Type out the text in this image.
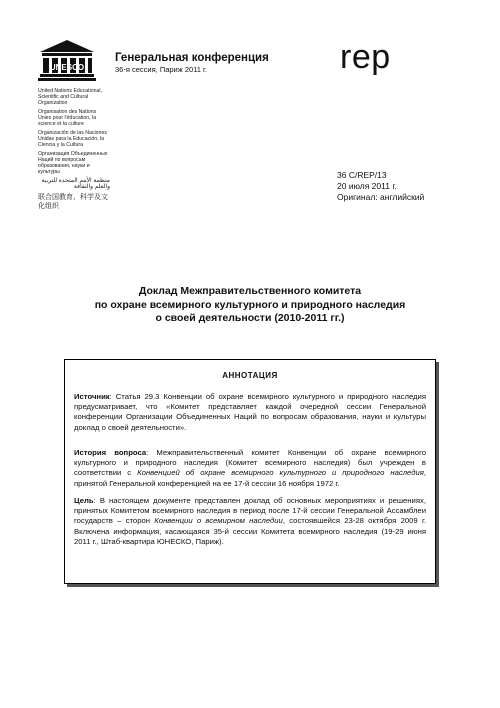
UNESCO
United Nations Educational, Scientific and Cultural Organization
Organisation des Nations Unies pour l'éducation, la science et la culture
Organización de las Naciones Unidas para la Educación, la Ciencia y la Cultura
Организация Объединенных Наций по вопросам образования, науки и культуры
منظمة الأمم المتحدة للتربية والعلم والثقافة
联合国教育、科学及文化组织
Генеральная конференция
36-я сессия, Париж 2011 г.	rep
36 C/REP/13
20 июля 2011 г.
Оригинал: английский
Доклад Межправительственного комитета
по охране всемирного культурного и природного наследия
о своей деятельности (2010-2011 гг.)
АННОТАЦИЯ
Источник: Статья 29.3 Конвенции об охране всемирного культурного и природного наследия предусматривает, что «Комитет представляет каждой очередной сессии Генеральной конференции Организации Объединенных Наций по вопросам образования, науки и культуры доклад о своей деятельности».
История вопроса: Межправительственный комитет Конвенции об охране всемирного культурного и природного наследия (Комитет всемирного наследия) был учрежден в соответствии с Конвенцией об охране всемирного культурного и природного наследия, принятой Генеральной конференцией на ее 17-й сессии 16 ноября 1972 г.
Цель: В настоящем документе представлен доклад об основных мероприятиях и решениях, принятых Комитетом всемирного наследия в период после 17-й сессии Генеральной Ассамблеи государств – сторон Конвенции о всемирном наследии, состоявшейся 23-28 октября 2009 г. Включена информация, касающаяся 35-й сессии Комитета всемирного наследия (19-29 июня 2011 г., Штаб-квартира ЮНЕСКО, Париж).
